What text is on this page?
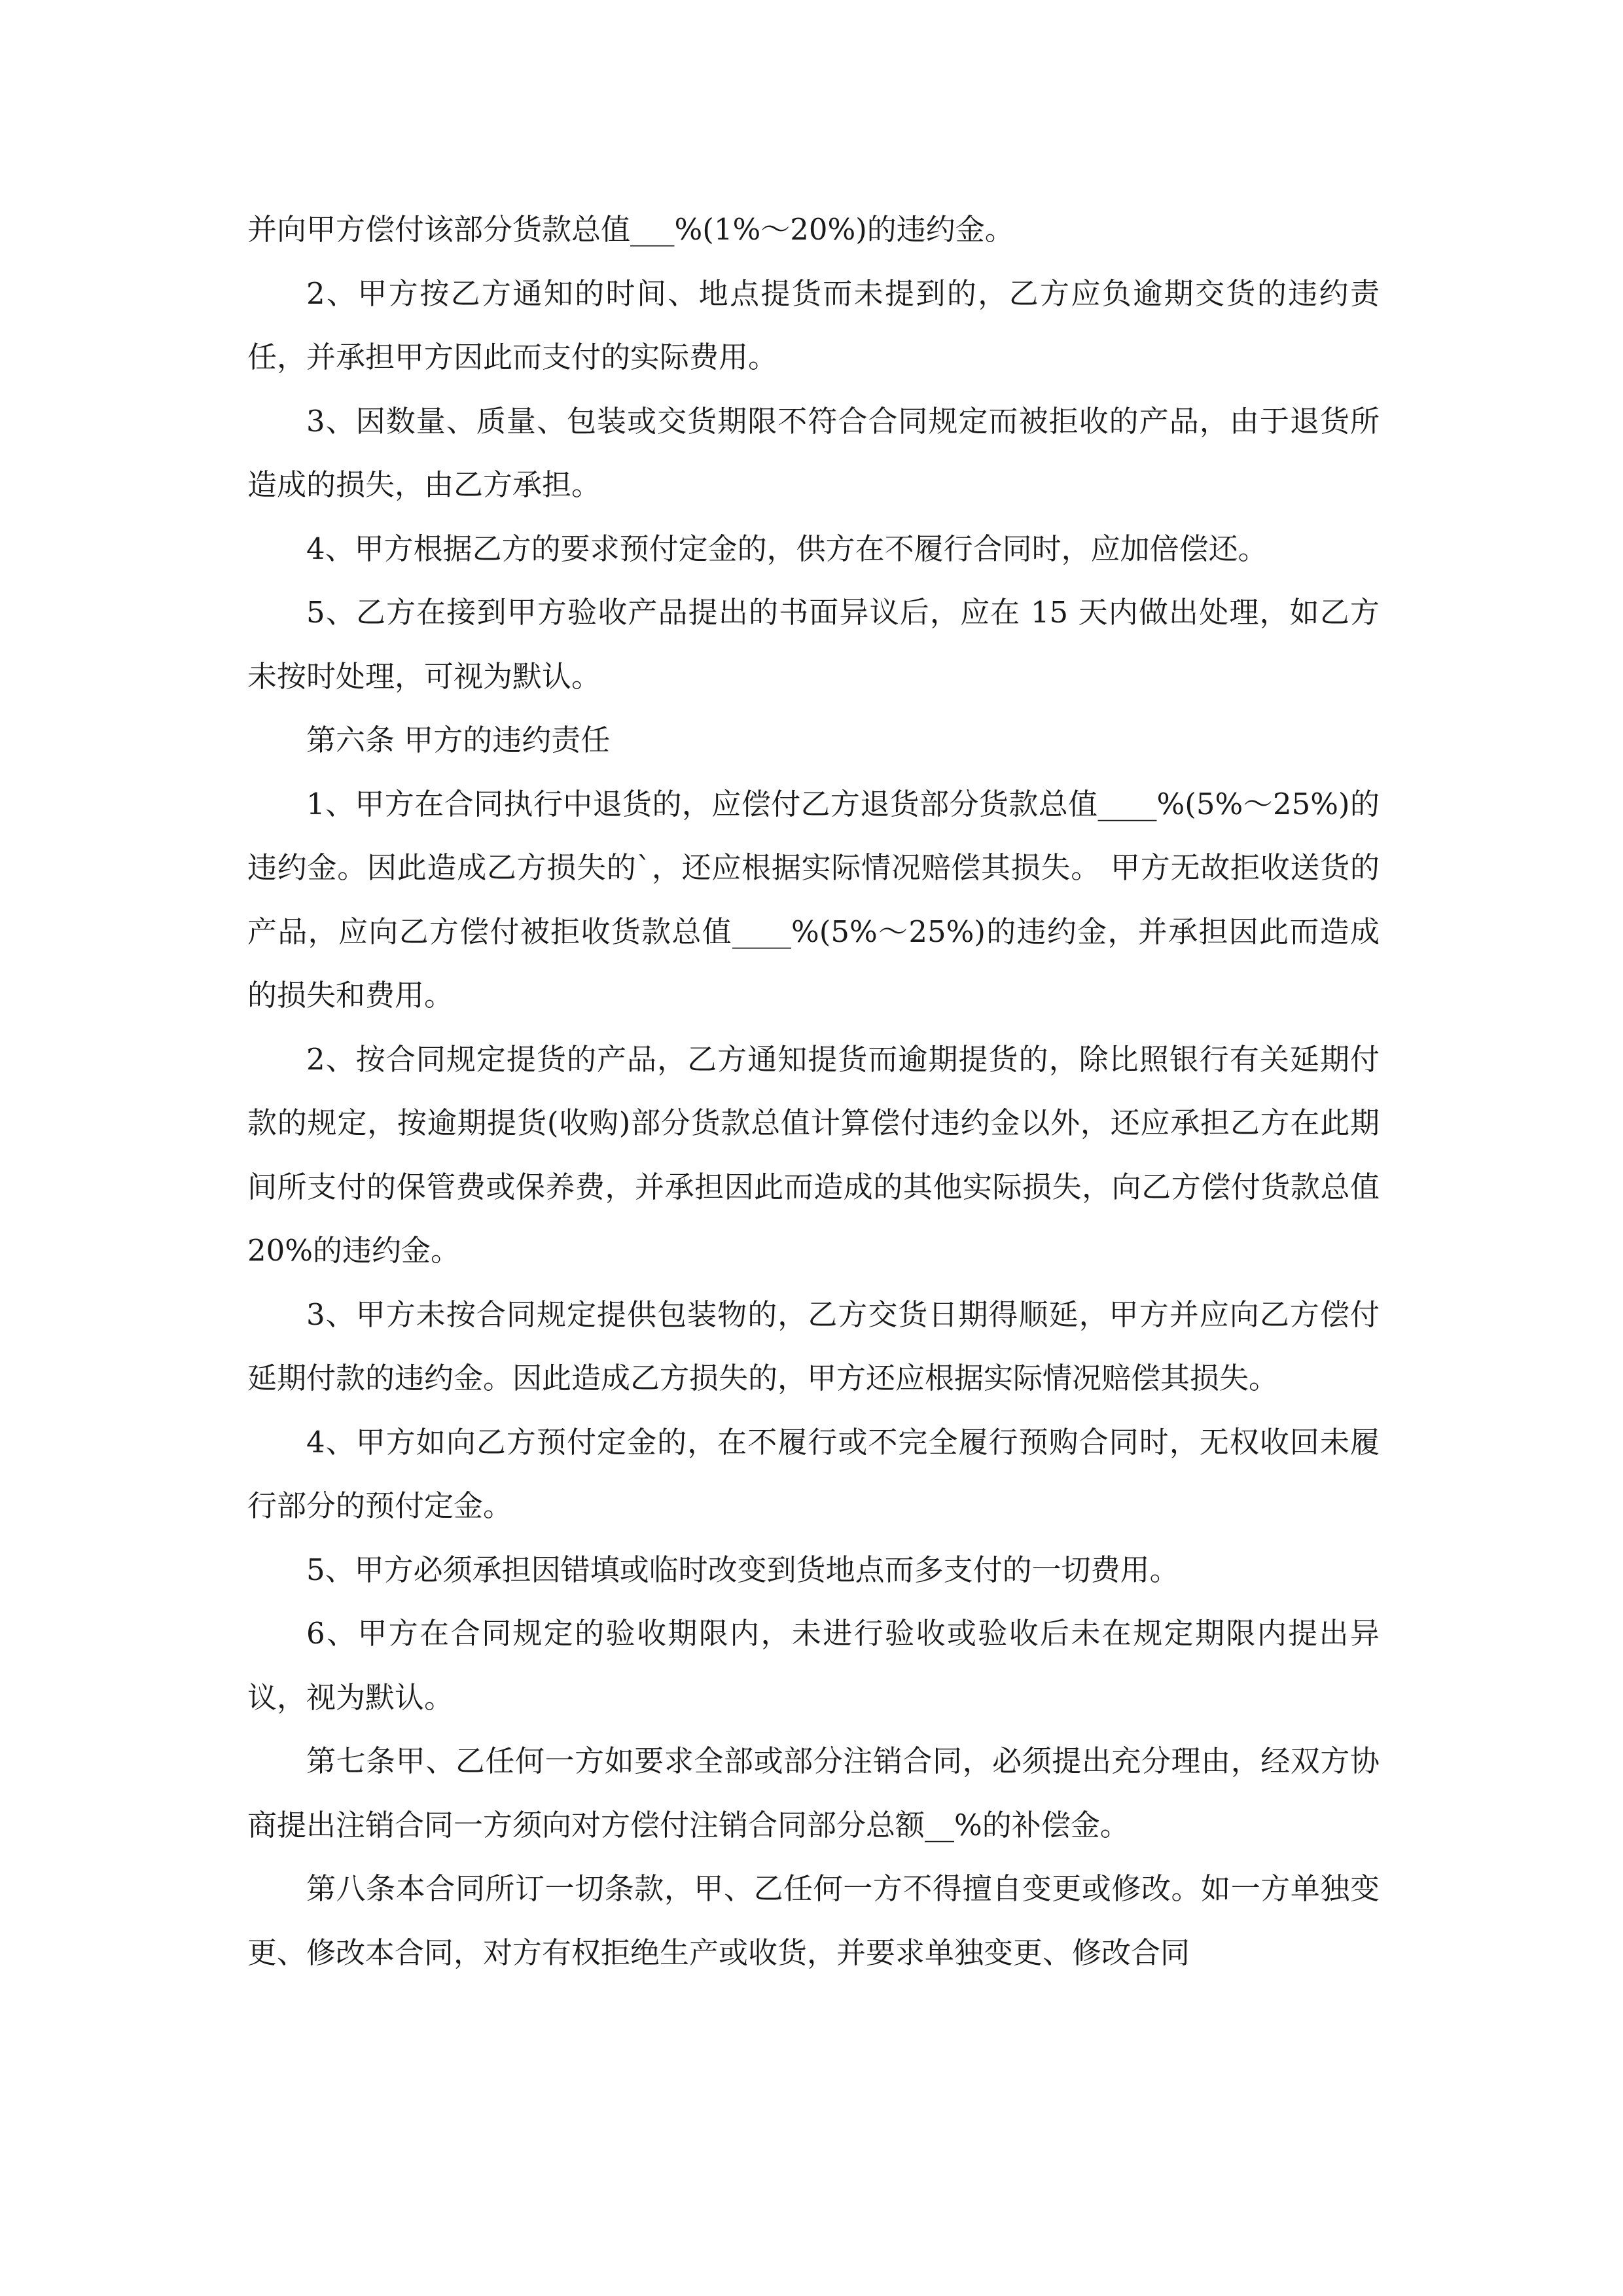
并向甲方偿付该部分货款总值___%(1%～20%)的违约金。

2、甲方按乙方通知的时间、地点提货而未提到的，乙方应负逾期交货的违约责任，并承担甲方因此而支付的实际费用。

3、因数量、质量、包装或交货期限不符合合同规定而被拒收的产品，由于退货所造成的损失，由乙方承担。

4、甲方根据乙方的要求预付定金的，供方在不履行合同时，应加倍偿还。

5、乙方在接到甲方验收产品提出的书面异议后，应在 15 天内做出处理，如乙方未按时处理，可视为默认。

第六条 甲方的违约责任

1、甲方在合同执行中退货的，应偿付乙方退货部分货款总值____%(5%～25%)的违约金。因此造成乙方损失的`，还应根据实际情况赔偿其损失。 甲方无故拒收送货的产品，应向乙方偿付被拒收货款总值____%(5%～25%)的违约金，并承担因此而造成的损失和费用。

2、按合同规定提货的产品，乙方通知提货而逾期提货的，除比照银行有关延期付款的规定，按逾期提货(收购)部分货款总值计算偿付违约金以外，还应承担乙方在此期间所支付的保管费或保养费，并承担因此而造成的其他实际损失，向乙方偿付货款总值 20%的违约金。

3、甲方未按合同规定提供包装物的，乙方交货日期得顺延，甲方并应向乙方偿付延期付款的违约金。因此造成乙方损失的，甲方还应根据实际情况赔偿其损失。

4、甲方如向乙方预付定金的，在不履行或不完全履行预购合同时，无权收回未履行部分的预付定金。

5、甲方必须承担因错填或临时改变到货地点而多支付的一切费用。

6、甲方在合同规定的验收期限内，未进行验收或验收后未在规定期限内提出异议，视为默认。

第七条甲、乙任何一方如要求全部或部分注销合同，必须提出充分理由，经双方协商提出注销合同一方须向对方偿付注销合同部分总额__%的补偿金。

第八条本合同所订一切条款，甲、乙任何一方不得擅自变更或修改。如一方单独变更、修改本合同，对方有权拒绝生产或收货，并要求单独变更、修改合同
